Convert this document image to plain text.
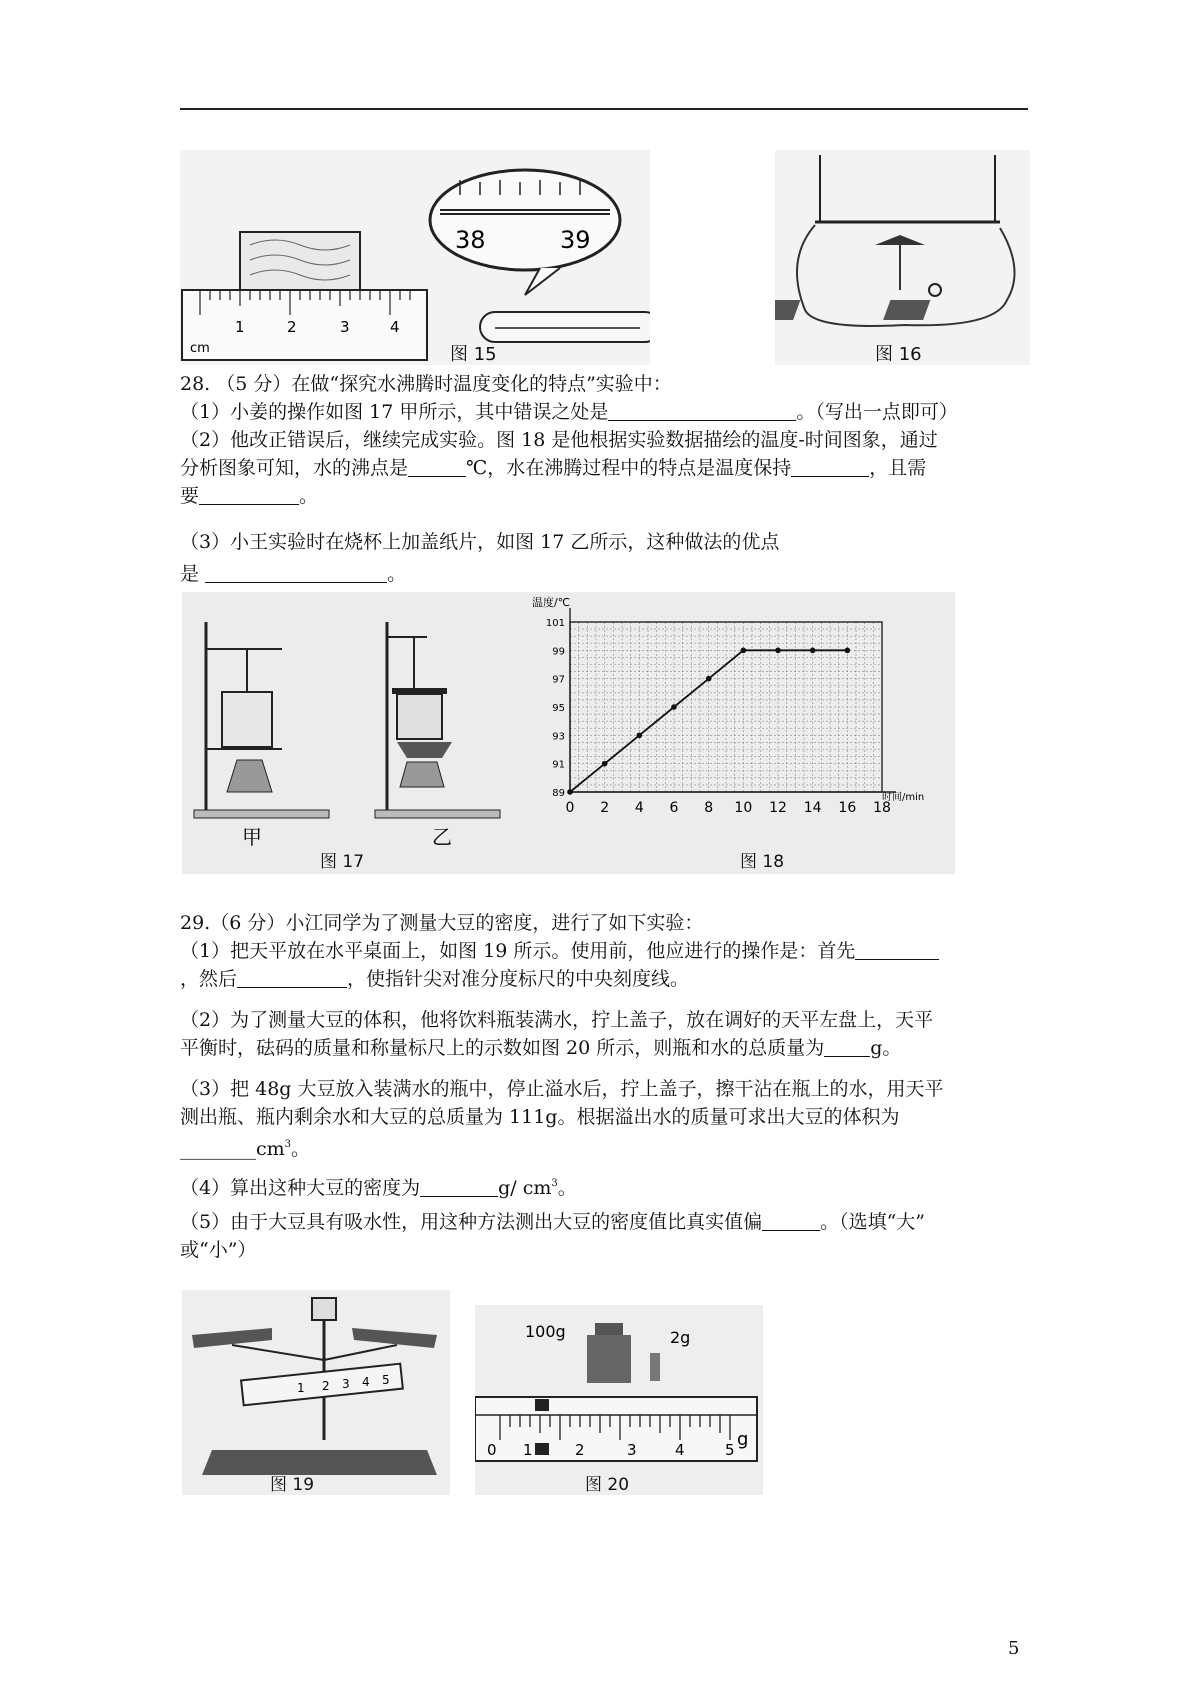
1	2	3	4
cm
38	39
图 15	图 16
28. （5 分）在做“探究水沸腾时温度变化的特点”实验中：
（1）小姜的操作如图 17 甲所示，其中错误之处是	。（写出一点即可）
（2）他改正错误后，继续完成实验。图 18 是他根据实验数据描绘的温度-时间图象，通过
分析图象可知，水的沸点是	℃，水在沸腾过程中的特点是温度保持	，且需
要	。
（3）小王实验时在烧杯上加盖纸片，如图 17 乙所示，这种做法的优点
是	。
甲	乙
图 17
0 2 4 6 8 10 12 14 16 18
89
91
93
95
97
99
101
温度/℃
时间/min
图 18
29.（6 分）小江同学为了测量大豆的密度，进行了如下实验：
（1）把天平放在水平桌面上，如图 19 所示。使用前，他应进行的操作是：首先
，然后	，使指针尖对准分度标尺的中央刻度线。
（2）为了测量大豆的体积，他将饮料瓶装满水，拧上盖子，放在调好的天平左盘上，天平
平衡时，砝码的质量和称量标尺上的示数如图 20 所示，则瓶和水的总质量为 g。
（3）把 48g 大豆放入装满水的瓶中，停止溢水后，拧上盖子，擦干沾在瓶上的水，用天平
测出瓶、瓶内剩余水和大豆的总质量为 111g。根据溢出水的质量可求出大豆的体积为
$\_\_\_\_\_\_\_\_cm^3$。
（4）算出这种大豆的密度为	g/ $cm^3$。
（5）由于大豆具有吸水性，用这种方法测出大豆的密度值比真实值偏	。（选填“大”
或“小”）
1 2 3 4 5
图 19
100g	2g
0 1	2	3	4	5 g
图 20
5
